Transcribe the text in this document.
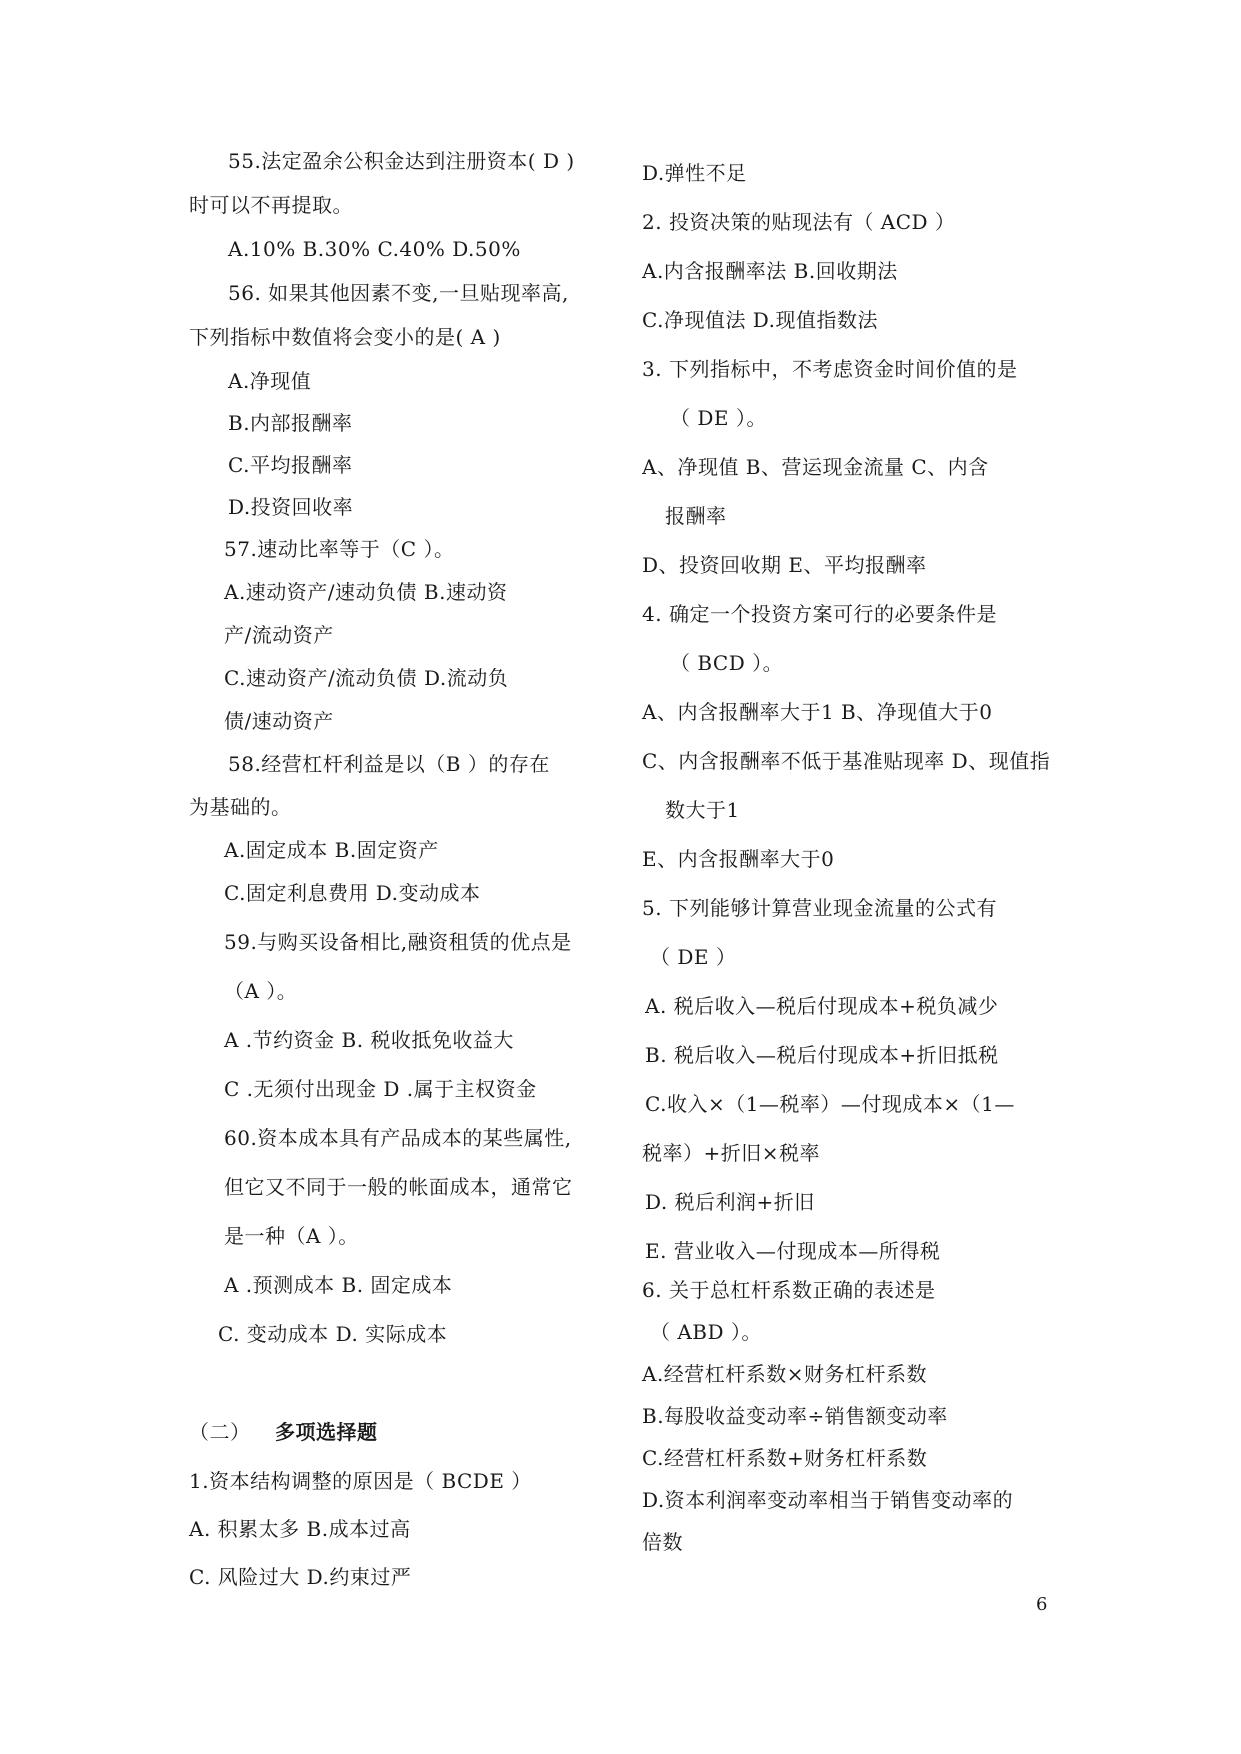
55.法定盈余公积金达到注册资本( D )
时可以不再提取。
A.10% B.30% C.40% D.50%
56. 如果其他因素不变,一旦贴现率高,
下列指标中数值将会变小的是( A )
A.净现值
B.内部报酬率
C.平均报酬率
D.投资回收率
57.速动比率等于（C ）。
A.速动资产/速动负债 B.速动资
产/流动资产
C.速动资产/流动负债 D.流动负
债/速动资产
58.经营杠杆利益是以（B ）的存在
为基础的。
A.固定成本 B.固定资产
C.固定利息费用 D.变动成本
59.与购买设备相比,融资租赁的优点是
（A ）。
A .节约资金 B. 税收抵免收益大
C .无须付出现金 D .属于主权资金
60.资本成本具有产品成本的某些属性,
但它又不同于一般的帐面成本，通常它
是一种（A ）。
A .预测成本 B. 固定成本
C. 变动成本 D. 实际成本
（二） 多项选择题
1.资本结构调整的原因是（ BCDE ）
A. 积累太多 B.成本过高
C. 风险过大 D.约束过严
D.弹性不足
2. 投资决策的贴现法有（ ACD ）
A.内含报酬率法 B.回收期法
C.净现值法 D.现值指数法
3. 下列指标中，不考虑资金时间价值的是
（ DE ）。
A、净现值 B、营运现金流量 C、内含
报酬率
D、投资回收期 E、平均报酬率
4. 确定一个投资方案可行的必要条件是
（ BCD ）。
A、内含报酬率大于1 B、净现值大于0
C、内含报酬率不低于基准贴现率 D、现值指
数大于1
E、内含报酬率大于0
5. 下列能够计算营业现金流量的公式有
（ DE ）
A. 税后收入—税后付现成本+税负减少
B. 税后收入—税后付现成本+折旧抵税
C.收入×（1—税率）—付现成本×（1—
税率）+折旧×税率
D. 税后利润+折旧
E. 营业收入—付现成本—所得税
6. 关于总杠杆系数正确的表述是
（ ABD ）。
A.经营杠杆系数×财务杠杆系数
B.每股收益变动率÷销售额变动率
C.经营杠杆系数+财务杠杆系数
D.资本利润率变动率相当于销售变动率的
倍数
6
